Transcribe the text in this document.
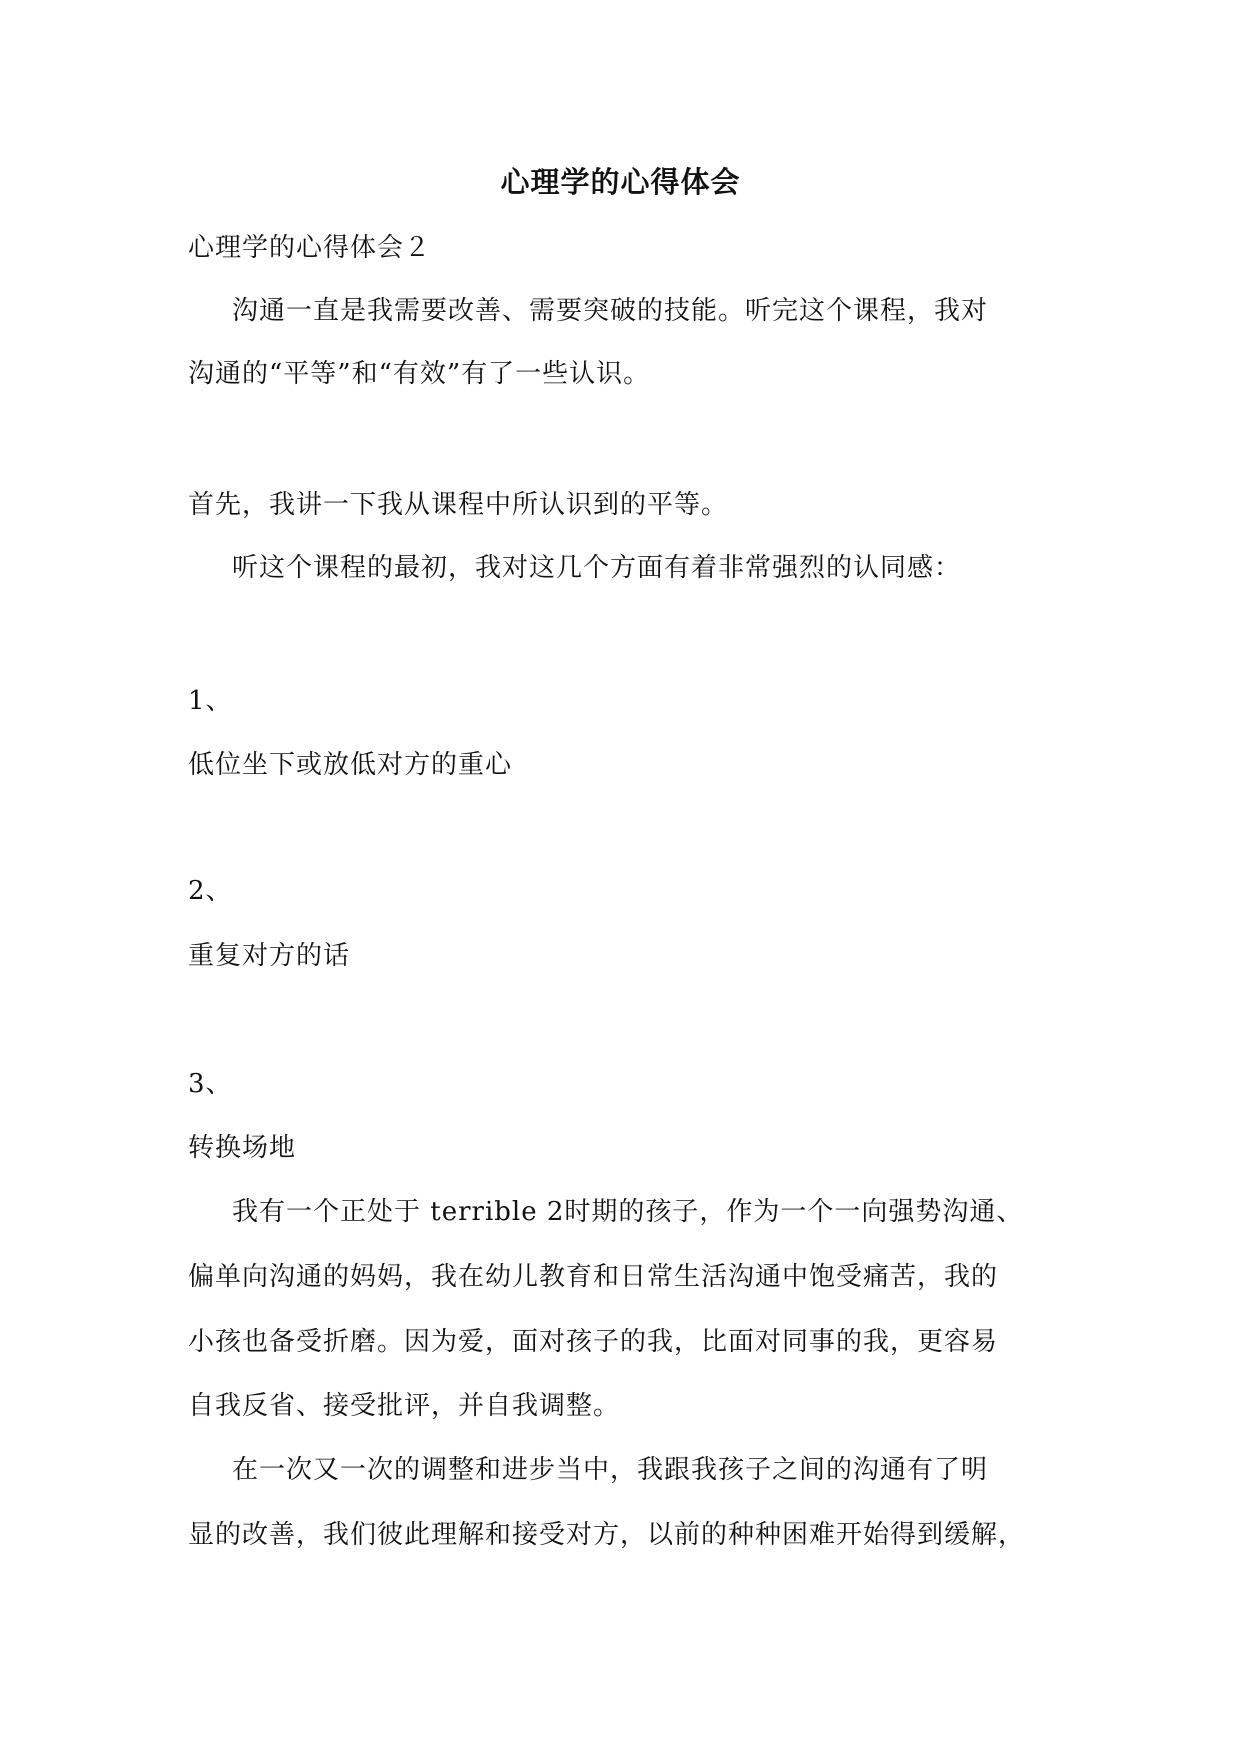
心理学的心得体会
心理学的心得体会２
沟通一直是我需要改善、需要突破的技能。听完这个课程，我对
沟通的“平等”和“有效”有了一些认识。
首先，我讲一下我从课程中所认识到的平等。
听这个课程的最初，我对这几个方面有着非常强烈的认同感：
1、
低位坐下或放低对方的重心
2、
重复对方的话
3、
转换场地
我有一个正处于 terrible 2时期的孩子，作为一个一向强势沟通、
偏单向沟通的妈妈，我在幼儿教育和日常生活沟通中饱受痛苦，我的
小孩也备受折磨。因为爱，面对孩子的我，比面对同事的我，更容易
自我反省、接受批评，并自我调整。
在一次又一次的调整和进步当中，我跟我孩子之间的沟通有了明
显的改善，我们彼此理解和接受对方，以前的种种困难开始得到缓解，
